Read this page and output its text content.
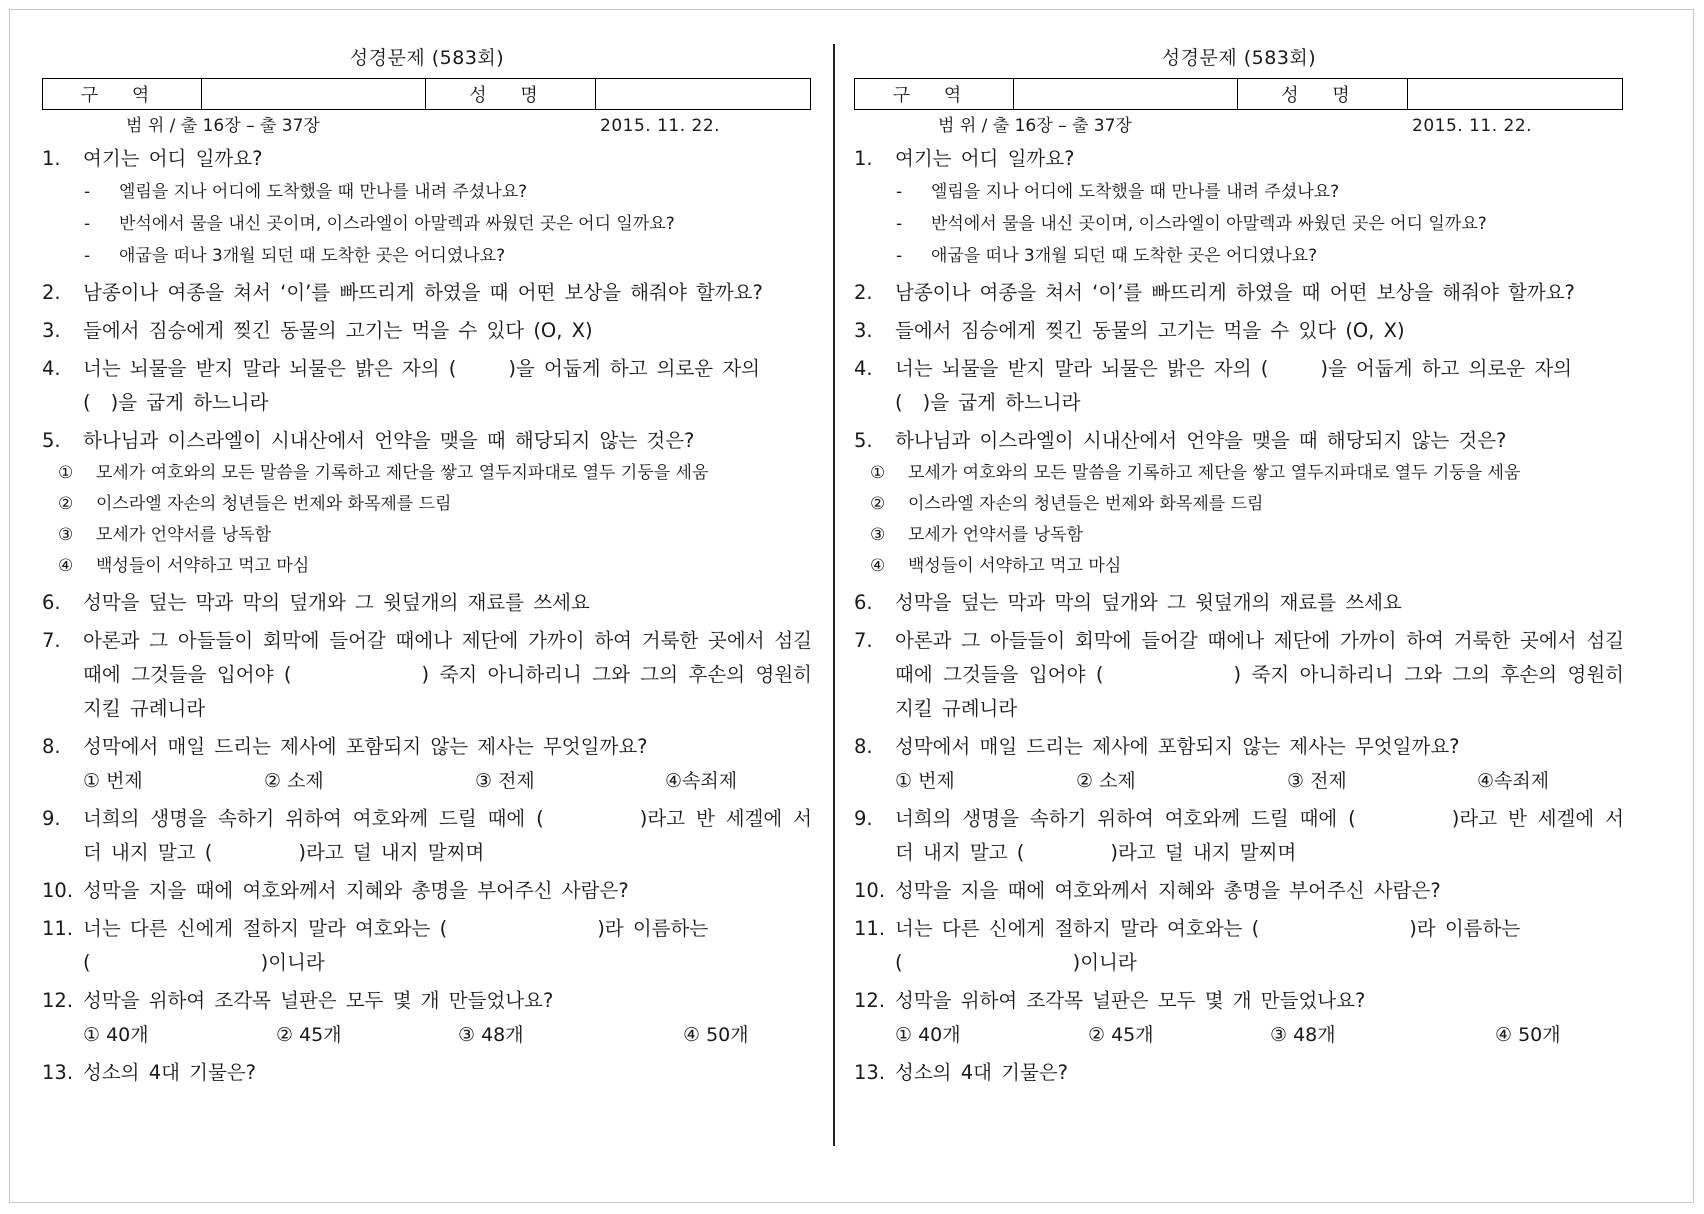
성경문제 (583회)
구 역		성 명	
범 위 / 출 16장 – 출 37장	2015. 11. 22.
1. 여기는 어디 일까요?
- 엘림을 지나 어디에 도착했을 때 만나를 내려 주셨나요?
- 반석에서 물을 내신 곳이며, 이스라엘이 아말렉과 싸웠던 곳은 어디 일까요?
- 애굽을 떠나 3개월 되던 때 도착한 곳은 어디였나요?
2. 남종이나 여종을 쳐서 ‘이’를 빠뜨리게 하였을 때 어떤 보상을 해줘야 할까요?
3. 들에서 짐승에게 찢긴 동물의 고기는 먹을 수 있다 (O, X)
4. 너는 뇌물을 받지 말라 뇌물은 밝은 자의 (	)을 어둡게 하고 의로운 자의
( )을 굽게 하느니라
5. 하나님과 이스라엘이 시내산에서 언약을 맺을 때 해당되지 않는 것은?
① 모세가 여호와의 모든 말씀을 기록하고 제단을 쌓고 열두지파대로 열두 기둥을 세움
② 이스라엘 자손의 청년들은 번제와 화목제를 드림
③ 모세가 언약서를 낭독함
④ 백성들이 서약하고 먹고 마심
6. 성막을 덮는 막과 막의 덮개와 그 윗덮개의 재료를 쓰세요
7. 아론과 그 아들들이 회막에 들어갈 때에나 제단에 가까이 하여 거룩한 곳에서 섬길 때에 그것들을 입어야 (	) 죽지 아니하리니 그와 그의 후손의 영원히 지킬 규례니라
8. 성막에서 매일 드리는 제사에 포함되지 않는 제사는 무엇일까요?
① 번제	② 소제	③ 전제	④속죄제
9. 너희의 생명을 속하기 위하여 여호와께 드릴 때에 (	)라고 반 세겔에 서 더 내지 말고 (	)라고 덜 내지 말찌며
10. 성막을 지을 때에 여호와께서 지혜와 총명을 부어주신 사람은?
11. 너는 다른 신에게 절하지 말라 여호와는 (	)라 이름하는
(	)이니라
12. 성막을 위하여 조각목 널판은 모두 몇 개 만들었나요?
① 40개	② 45개	③ 48개	④ 50개
13. 성소의 4대 기물은?
성경문제 (583회)
구 역		성 명	
범 위 / 출 16장 – 출 37장	2015. 11. 22.
1. 여기는 어디 일까요?
- 엘림을 지나 어디에 도착했을 때 만나를 내려 주셨나요?
- 반석에서 물을 내신 곳이며, 이스라엘이 아말렉과 싸웠던 곳은 어디 일까요?
- 애굽을 떠나 3개월 되던 때 도착한 곳은 어디였나요?
2. 남종이나 여종을 쳐서 ‘이’를 빠뜨리게 하였을 때 어떤 보상을 해줘야 할까요?
3. 들에서 짐승에게 찢긴 동물의 고기는 먹을 수 있다 (O, X)
4. 너는 뇌물을 받지 말라 뇌물은 밝은 자의 (	)을 어둡게 하고 의로운 자의
( )을 굽게 하느니라
5. 하나님과 이스라엘이 시내산에서 언약을 맺을 때 해당되지 않는 것은?
① 모세가 여호와의 모든 말씀을 기록하고 제단을 쌓고 열두지파대로 열두 기둥을 세움
② 이스라엘 자손의 청년들은 번제와 화목제를 드림
③ 모세가 언약서를 낭독함
④ 백성들이 서약하고 먹고 마심
6. 성막을 덮는 막과 막의 덮개와 그 윗덮개의 재료를 쓰세요
7. 아론과 그 아들들이 회막에 들어갈 때에나 제단에 가까이 하여 거룩한 곳에서 섬길 때에 그것들을 입어야 (	) 죽지 아니하리니 그와 그의 후손의 영원히 지킬 규례니라
8. 성막에서 매일 드리는 제사에 포함되지 않는 제사는 무엇일까요?
① 번제	② 소제	③ 전제	④속죄제
9. 너희의 생명을 속하기 위하여 여호와께 드릴 때에 (	)라고 반 세겔에 서 더 내지 말고 (	)라고 덜 내지 말찌며
10. 성막을 지을 때에 여호와께서 지혜와 총명을 부어주신 사람은?
11. 너는 다른 신에게 절하지 말라 여호와는 (	)라 이름하는
(	)이니라
12. 성막을 위하여 조각목 널판은 모두 몇 개 만들었나요?
① 40개	② 45개	③ 48개	④ 50개
13. 성소의 4대 기물은?
